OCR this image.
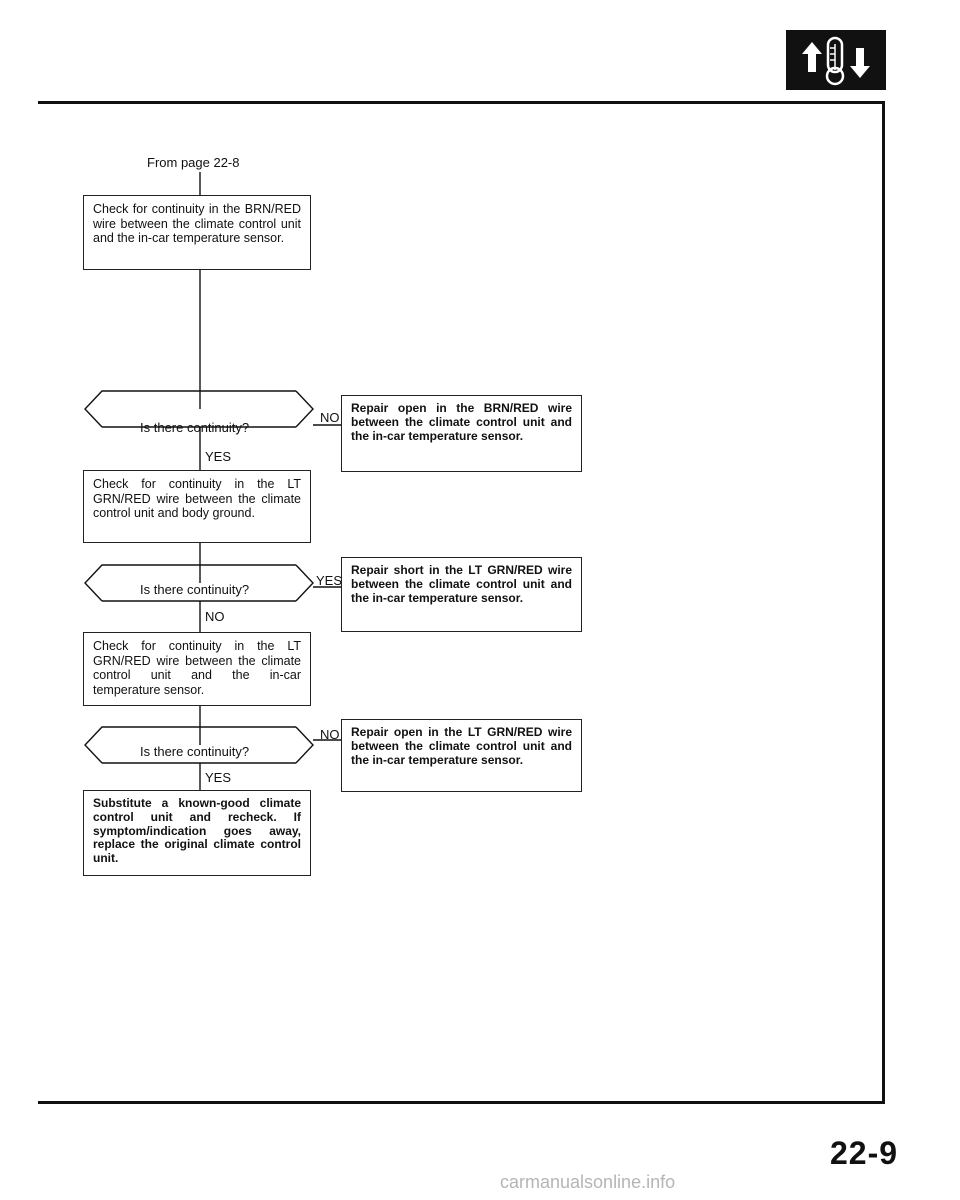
From page 22-8
Check for continuity in the BRN/RED wire between the climate control unit and the in-car temperature sensor.
Is there continuity?
NO
YES
Repair open in the BRN/RED wire between the climate control unit and the in-car temperature sensor.
Check for continuity in the LT GRN/RED wire between the climate control unit and body ground.
Is there continuity?
YES
NO
Repair short in the LT GRN/RED wire between the climate control unit and the in-car temperature sensor.
Check for continuity in the LT GRN/RED wire between the climate control unit and the in-car temperature sensor.
Is there continuity?
NO
YES
Repair open in the LT GRN/RED wire between the climate control unit and the in-car temperature sensor.
Substitute a known-good climate control unit and recheck. If symptom/indication goes away, replace the original climate control unit.
22-9
carmanualsonline.info
